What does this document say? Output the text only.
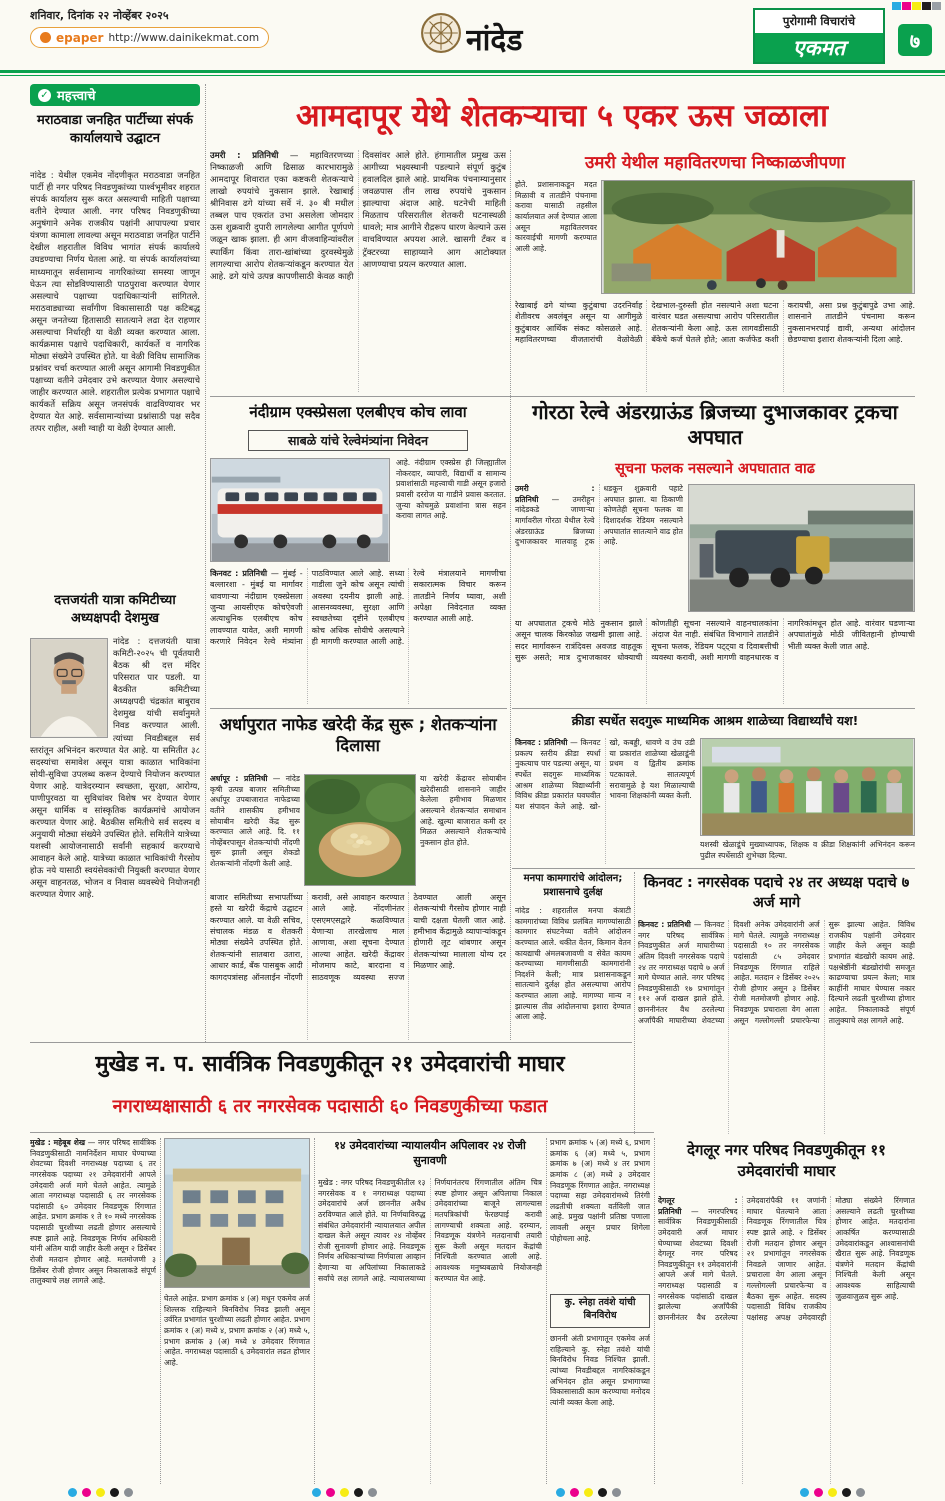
शनिवार, दिनांक २२ नोव्हेंबर २०२५
epaper http://www.dainikekmat.com	नांदेड
पुरोगामी विचारांचे
एकमत	७
✓ महत्त्वाचे
मराठवाडा जनहित पार्टीच्या संपर्क कार्यालयाचे उद्घाटन
नांदेड : येथील एकमेव नोंदणीकृत मराठवाडा जनहित पार्टी ही नगर परिषद निवडणुकांच्या पार्श्वभूमीवर शहरात संपर्क कार्यालय सुरू करत असल्याची माहिती पक्षाच्या वतीने देण्यात आली. नगर परिषद निवडणुकीच्या अनुषंगाने अनेक राजकीय पक्षांनी आपापल्या प्रचार यंत्रणा कामाला लावल्या असून मराठवाडा जनहित पार्टीने देखील शहरातील विविध भागांत संपर्क कार्यालये उघडण्याचा निर्णय घेतला आहे. या संपर्क कार्यालयांच्या माध्यमातून सर्वसामान्य नागरिकांच्या समस्या जाणून घेऊन त्या सोडविण्यासाठी पाठपुरावा करण्यात येणार असल्याचे पक्षाच्या पदाधिकाऱ्यांनी सांगितले. मराठवाड्याच्या सर्वांगीण विकासासाठी पक्ष कटिबद्ध असून जनतेच्या हितासाठी सातत्याने लढा देत राहणार असल्याचा निर्धारही या वेळी व्यक्त करण्यात आला. कार्यक्रमास पक्षाचे पदाधिकारी, कार्यकर्ते व नागरिक मोठ्या संख्येने उपस्थित होते. या वेळी विविध सामाजिक प्रश्नांवर चर्चा करण्यात आली असून आगामी निवडणुकीत पक्षाच्या वतीने उमेदवार उभे करण्यात येणार असल्याचे जाहीर करण्यात आले. शहरातील प्रत्येक प्रभागात पक्षाचे कार्यकर्ते सक्रिय असून जनसंपर्क वाढविण्यावर भर देण्यात येत आहे. सर्वसामान्यांच्या प्रश्नांसाठी पक्ष सदैव तत्पर राहील, अशी ग्वाही या वेळी देण्यात आली.
दत्तजयंती यात्रा कमिटीच्या अध्यक्षपदी देशमुख
नांदेड : दत्तजयंती यात्रा कमिटी-२०२५ ची पूर्वतयारी बैठक श्री दत्त मंदिर परिसरात पार पडली. या बैठकीत कमिटीच्या अध्यक्षपदी चंद्रकांत बाबुराव देशमुख यांची सर्वानुमते निवड करण्यात आली. त्यांच्या निवडीबद्दल सर्व स्तरांतून अभिनंदन करण्यात येत आहे. या समितीत ३८ सदस्यांचा समावेश असून यात्रा काळात भाविकांना सोयी-सुविधा उपलब्ध करून देण्याचे नियोजन करण्यात येणार आहे. यात्रेदरम्यान स्वच्छता, सुरक्षा, आरोग्य, पाणीपुरवठा या सुविधांवर विशेष भर देण्यात येणार असून धार्मिक व सांस्कृतिक कार्यक्रमांचे आयोजन करण्यात येणार आहे. बैठकीस समितीचे सर्व सदस्य व अनुयायी मोठ्या संख्येने उपस्थित होते. समितीने यात्रेच्या यशस्वी आयोजनासाठी सर्वांनी सहकार्य करण्याचे आवाहन केले आहे. यात्रेच्या काळात भाविकांची गैरसोय होऊ नये यासाठी स्वयंसेवकांची नियुक्ती करण्यात येणार असून वाहनतळ, भोजन व निवास व्यवस्थेचे नियोजनही करण्यात येणार आहे.
आमदापूर येथे शेतकऱ्याचा ५ एकर ऊस जळाला
उमरी : प्रतिनिधी — महावितरणच्या निष्काळजी आणि ढिसाळ कारभारामुळे आमदापूर शिवारात एका कष्टकरी शेतकऱ्याचे लाखो रुपयांचे नुकसान झाले. रेखाबाई श्रीनिवास ढगे यांच्या सर्वे नं. ३० बी मधील तब्बल पाच एकरांत उभा असलेला जोमदार ऊस शुक्रवारी दुपारी लागलेल्या आगीत पूर्णपणे जळून खाक झाला. ही आग वीजवाहिन्यांवरील स्पार्किंग किंवा तारा-खांबांच्या दुरवस्थेमुळे लागल्याचा आरोप शेतकऱ्यांकडून करण्यात येत आहे. ढगे यांचे उत्पन्न कापणीसाठी केवळ काही दिवसांवर आले होते. हंगामातील प्रमुख ऊस आगीच्या भक्ष्यस्थानी पडल्याने संपूर्ण कुटुंब हवालदिल झाले आहे. प्राथमिक पंचनाम्यानुसार जवळपास तीन लाख रुपयांचे नुकसान झाल्याचा अंदाज आहे. घटनेची माहिती मिळताच परिसरातील शेतकरी घटनास्थळी धावले; मात्र आगीने रौद्ररूप धारण केल्याने ऊस वाचविण्यात अपयश आले. खासगी टँकर व ट्रॅक्टरच्या साहाय्याने आग आटोक्यात आणण्याचा प्रयत्न करण्यात आला.
उमरी येथील महावितरणचा निष्काळजीपणा
होते. प्रशासनाकडून मदत मिळावी व तातडीने पंचनामा करावा यासाठी तहसील कार्यालयात अर्ज देण्यात आला असून महावितरणवर कारवाईची मागणी करण्यात आली आहे.
रेखाबाई ढगे यांच्या कुटुंबाचा उदरनिर्वाह शेतीवरच अवलंबून असून या आगीमुळे कुटुंबावर आर्थिक संकट कोसळले आहे. महावितरणच्या वीजतारांची वेळोवेळी देखभाल-दुरुस्ती होत नसल्याने अशा घटना वारंवार घडत असल्याचा आरोप परिसरातील शेतकऱ्यांनी केला आहे. ऊस लागवडीसाठी बँकेचे कर्ज घेतले होते; आता कर्जफेड कशी करायची, असा प्रश्न कुटुंबापुढे उभा आहे. शासनाने तातडीने पंचनामा करून नुकसानभरपाई द्यावी, अन्यथा आंदोलन छेडण्याचा इशारा शेतकऱ्यांनी दिला आहे.
नंदीग्राम एक्स्प्रेसला एलबीएच कोच लावा
साबळे यांचे रेल्वेमंत्र्यांना निवेदन
आहे. नंदीग्राम एक्स्प्रेस ही जिल्ह्यातील नोकरदार, व्यापारी, विद्यार्थी व सामान्य प्रवाशांसाठी महत्त्वाची गाडी असून हजारो प्रवासी दररोज या गाडीने प्रवास करतात. जुन्या कोचमुळे प्रवाशांना त्रास सहन करावा लागत आहे.
किनवट : प्रतिनिधी — मुंबई - बल्लारशा - मुंबई या मार्गावर धावणाऱ्या नंदीग्राम एक्स्प्रेसला जुन्या आयसीएफ कोचऐवजी अत्याधुनिक एलबीएच कोच लावण्यात यावेत, अशी मागणी करणारे निवेदन रेल्वे मंत्र्यांना पाठविण्यात आले आहे. सध्या गाडीला जुने कोच असून त्यांची अवस्था दयनीय झाली आहे. आसनव्यवस्था, सुरक्षा आणि स्वच्छतेच्या दृष्टीने एलबीएच कोच अधिक सोयीचे असल्याने ही मागणी करण्यात आली आहे. रेल्वे मंत्रालयाने मागणीचा सकारात्मक विचार करून तातडीने निर्णय घ्यावा, अशी अपेक्षा निवेदनात व्यक्त करण्यात आली आहे.
गोरठा रेल्वे अंडरग्राऊंड ब्रिजच्या दुभाजकावर ट्रकचा अपघात
सूचना फलक नसल्याने अपघातात वाढ
उमरी : प्रतिनिधी — उमरीहून नांदेडकडे जाणाऱ्या मार्गावरील गोरठा येथील रेल्वे अंडरग्राऊंड ब्रिजच्या दुभाजकावर मालवाहू ट्रक धडकून शुक्रवारी पहाटे अपघात झाला. या ठिकाणी कोणतेही सूचना फलक वा दिशादर्शक रेडियम नसल्याने अपघातांत सातत्याने वाढ होत आहे.
या अपघातात ट्रकचे मोठे नुकसान झाले असून चालक किरकोळ जखमी झाला आहे. सदर मार्गावरून रात्रंदिवस अवजड वाहतूक सुरू असते; मात्र दुभाजकावर धोक्याची कोणतीही सूचना नसल्याने वाहनचालकांना अंदाज येत नाही. संबंधित विभागाने तातडीने सूचना फलक, रेडियम पट्ट्या व दिवाबत्तीची व्यवस्था करावी, अशी मागणी वाहनधारक व नागरिकांमधून होत आहे. वारंवार घडणाऱ्या अपघातांमुळे मोठी जीवितहानी होण्याची भीती व्यक्त केली जात आहे.
अर्धापुरात नाफेड खरेदी केंद्र सुरू ; शेतकऱ्यांना दिलासा
अर्धापूर : प्रतिनिधी — नांदेड कृषी उत्पन्न बाजार समितीच्या अर्धापूर उपबाजारात नाफेडच्या वतीने शासकीय हमीभाव सोयाबीन खरेदी केंद्र सुरू करण्यात आले आहे. दि. ११ नोव्हेंबरपासून शेतकऱ्यांची नोंदणी सुरू झाली असून शेकडो शेतकऱ्यांनी नोंदणी केली आहे.
या खरेदी केंद्रावर सोयाबीन खरेदीसाठी शासनाने जाहीर केलेला हमीभाव मिळणार असल्याने शेतकऱ्यांत समाधान आहे. खुल्या बाजारात कमी दर मिळत असल्याने शेतकऱ्यांचे नुकसान होत होते.
बाजार समितीच्या सभापतींच्या हस्ते या खरेदी केंद्राचे उद्घाटन करण्यात आले. या वेळी सचिव, संचालक मंडळ व शेतकरी मोठ्या संख्येने उपस्थित होते. शेतकऱ्यांनी सातबारा उतारा, आधार कार्ड, बँक पासबुक आदी कागदपत्रांसह ऑनलाईन नोंदणी करावी, असे आवाहन करण्यात आले आहे. नोंदणीनंतर एसएमएसद्वारे कळविण्यात येणाऱ्या तारखेलाच माल आणावा, अशा सूचना देण्यात आल्या आहेत. खरेदी केंद्रावर मोजमाप काटे, बारदाना व साठवणूक व्यवस्था सज्ज ठेवण्यात आली असून शेतकऱ्यांची गैरसोय होणार नाही याची दक्षता घेतली जात आहे. हमीभाव केंद्रामुळे व्यापाऱ्यांकडून होणारी लूट थांबणार असून शेतकऱ्यांच्या मालाला योग्य दर मिळणार आहे.
क्रीडा स्पर्धेत सदगुरू माध्यमिक आश्रम शाळेच्या विद्यार्थ्यांचे यश!
किनवट : प्रतिनिधी — किनवट प्रकल्प स्तरीय क्रीडा स्पर्धा नुकत्याच पार पडल्या असून, या स्पर्धेत सदगुरू माध्यमिक आश्रम शाळेच्या विद्यार्थ्यांनी विविध क्रीडा प्रकारांत घवघवीत यश संपादन केले आहे. खो-खो, कबड्डी, धावणे व उंच उडी या प्रकारांत शाळेच्या खेळाडूंनी प्रथम व द्वितीय क्रमांक पटकावले. सातत्यपूर्ण सरावामुळे हे यश मिळाल्याची भावना शिक्षकांनी व्यक्त केली.
यशस्वी खेळाडूंचे मुख्याध्यापक, शिक्षक व क्रीडा शिक्षकांनी अभिनंदन करून पुढील स्पर्धेसाठी शुभेच्छा दिल्या.
मनपा कामगारांचे आंदोलन; प्रशासनाचे दुर्लक्ष
नांदेड : शहरातील मनपा कंत्राटी कामगारांच्या विविध प्रलंबित मागण्यांसाठी कामगार संघटनेच्या वतीने आंदोलन करण्यात आले. थकीत वेतन, किमान वेतन कायद्याची अंमलबजावणी व सेवेत कायम करण्याच्या मागणीसाठी कामगारांनी निदर्शने केली; मात्र प्रशासनाकडून सातत्याने दुर्लक्ष होत असल्याचा आरोप करण्यात आला आहे. मागण्या मान्य न झाल्यास तीव्र आंदोलनाचा इशारा देण्यात आला आहे.
किनवट : नगरसेवक पदाचे २४ तर अध्यक्ष पदाचे ७ अर्ज मागे
किनवट : प्रतिनिधी — किनवट नगर परिषद सार्वत्रिक निवडणुकीत अर्ज माघारीच्या अंतिम दिवशी नगरसेवक पदाचे २४ तर नगराध्यक्ष पदाचे ७ अर्ज मागे घेण्यात आले. नगर परिषद निवडणुकीसाठी १७ प्रभागांतून ११२ अर्ज दाखल झाले होते. छाननीनंतर वैध ठरलेल्या अर्जांपैकी माघारीच्या शेवटच्या दिवशी अनेक उमेदवारांनी अर्ज मागे घेतले. त्यामुळे नगराध्यक्ष पदासाठी १० तर नगरसेवक पदांसाठी ८५ उमेदवार निवडणूक रिंगणात राहिले आहेत. मतदान २ डिसेंबर २०२५ रोजी होणार असून ३ डिसेंबर रोजी मतमोजणी होणार आहे. निवडणूक प्रचाराला वेग आला असून गल्लोगल्ली प्रचारफेऱ्या सुरू झाल्या आहेत. विविध राजकीय पक्षांनी उमेदवार जाहीर केले असून काही प्रभागांत बंडखोरी कायम आहे. पक्षश्रेष्ठींनी बंडखोरांची समजूत काढण्याचा प्रयत्न केला; मात्र काहींनी माघार घेण्यास नकार दिल्याने लढती चुरशीच्या होणार आहेत. निकालाकडे संपूर्ण तालुक्याचे लक्ष लागले आहे.
मुखेड न. प. सार्वत्रिक निवडणुकीतून २१ उमेदवारांची माघार
नगराध्यक्षासाठी ६ तर नगरसेवक पदासाठी ६० निवडणुकीच्या फडात
मुखेड : महेबूब शेख — नगर परिषद सार्वत्रिक निवडणुकीसाठी नामनिर्देशन माघार घेण्याच्या शेवटच्या दिवशी नगराध्यक्ष पदाच्या ६ तर नगरसेवक पदाच्या २१ उमेदवारांनी आपले उमेदवारी अर्ज मागे घेतले आहेत. त्यामुळे आता नगराध्यक्ष पदासाठी ६ तर नगरसेवक पदांसाठी ६० उमेदवार निवडणूक रिंगणात आहेत. प्रभाग क्रमांक १ ते १० मध्ये नगरसेवक पदासाठी चुरशीच्या लढती होणार असल्याचे स्पष्ट झाले आहे. निवडणूक निर्णय अधिकारी यांनी अंतिम यादी जाहीर केली असून २ डिसेंबर रोजी मतदान होणार आहे. मतमोजणी ३ डिसेंबर रोजी होणार असून निकालाकडे संपूर्ण तालुक्याचे लक्ष लागले आहे.
घेतले आहेत. प्रभाग क्रमांक ४ (अ) मधून एकमेव अर्ज शिल्लक राहिल्याने बिनविरोध निवड झाली असून उर्वरित प्रभागांत चुरशीच्या लढती होणार आहेत. प्रभाग क्रमांक १ (अ) मध्ये ४, प्रभाग क्रमांक २ (अ) मध्ये ५, प्रभाग क्रमांक ३ (अ) मध्ये ४ उमेदवार रिंगणात आहेत. नगराध्यक्ष पदासाठी ६ उमेदवारांत लढत होणार आहे.
१४ उमेदवारांच्या न्यायालयीन अपिलावर २४ रोजी सुनावणी
मुखेड : नगर परिषद निवडणुकीतील १३ नगरसेवक व १ नगराध्यक्ष पदाच्या उमेदवारांचे अर्ज छाननीत अवैध ठरविण्यात आले होते. या निर्णयाविरुद्ध संबंधित उमेदवारांनी न्यायालयात अपील दाखल केले असून त्यावर २४ नोव्हेंबर रोजी सुनावणी होणार आहे. निवडणूक निर्णय अधिकाऱ्यांच्या निर्णयाला आव्हान देणाऱ्या या अपिलांच्या निकालाकडे सर्वांचे लक्ष लागले आहे. न्यायालयाच्या निर्णयानंतरच रिंगणातील अंतिम चित्र स्पष्ट होणार असून अपिलाचा निकाल उमेदवारांच्या बाजूने लागल्यास मतपत्रिकांची फेरछपाई करावी लागण्याची शक्यता आहे. दरम्यान, निवडणूक यंत्रणेने मतदानाची तयारी सुरू केली असून मतदान केंद्रांची निश्चिती करण्यात आली आहे. आवश्यक मनुष्यबळाचे नियोजनही करण्यात येत आहे.
प्रभाग क्रमांक ५ (अ) मध्ये ६, प्रभाग क्रमांक ६ (अ) मध्ये ५, प्रभाग क्रमांक ७ (अ) मध्ये ४ तर प्रभाग क्रमांक ८ (अ) मध्ये ३ उमेदवार निवडणूक रिंगणात आहेत. नगराध्यक्ष पदाच्या सहा उमेदवारांमध्ये तिरंगी लढतीची शक्यता वर्तविली जात आहे. प्रमुख पक्षांनी प्रतिष्ठा पणाला लावली असून प्रचार शिगेला पोहोचला आहे.
कु. स्नेहा तवंशे यांची बिनविरोध
छाननी अंती प्रभागातून एकमेव अर्ज राहिल्याने कु. स्नेहा तवंशे यांची बिनविरोध निवड निश्चित झाली. त्यांच्या निवडीबद्दल नागरिकांकडून अभिनंदन होत असून प्रभागाच्या विकासासाठी काम करण्याचा मनोदय त्यांनी व्यक्त केला आहे.
देगलूर नगर परिषद निवडणुकीतून ११ उमेदवारांची माघार
देगलूर : प्रतिनिधी — नगरपरिषद सार्वत्रिक निवडणुकीसाठी उमेदवारी अर्ज माघार घेण्याच्या शेवटच्या दिवशी देगलूर नगर परिषद निवडणुकीतून ११ उमेदवारांनी आपले अर्ज मागे घेतले. नगराध्यक्ष पदासाठी व नगरसेवक पदांसाठी दाखल झालेल्या अर्जांपैकी छाननीनंतर वैध ठरलेल्या उमेदवारांपैकी ११ जणांनी माघार घेतल्याने आता निवडणूक रिंगणातील चित्र स्पष्ट झाले आहे. २ डिसेंबर रोजी मतदान होणार असून २१ प्रभागांतून नगरसेवक निवडले जाणार आहेत. प्रचाराला वेग आला असून गल्लोगल्ली प्रचारफेऱ्या व बैठका सुरू आहेत. सदस्य पदासाठी विविध राजकीय पक्षांसह अपक्ष उमेदवारही मोठ्या संख्येने रिंगणात असल्याने लढती चुरशीच्या होणार आहेत. मतदारांना आकर्षित करण्यासाठी उमेदवारांकडून आश्वासनांची खैरात सुरू आहे. निवडणूक यंत्रणेने मतदान केंद्रांची निश्चिती केली असून आवश्यक साहित्याची जुळवाजुळव सुरू आहे.
